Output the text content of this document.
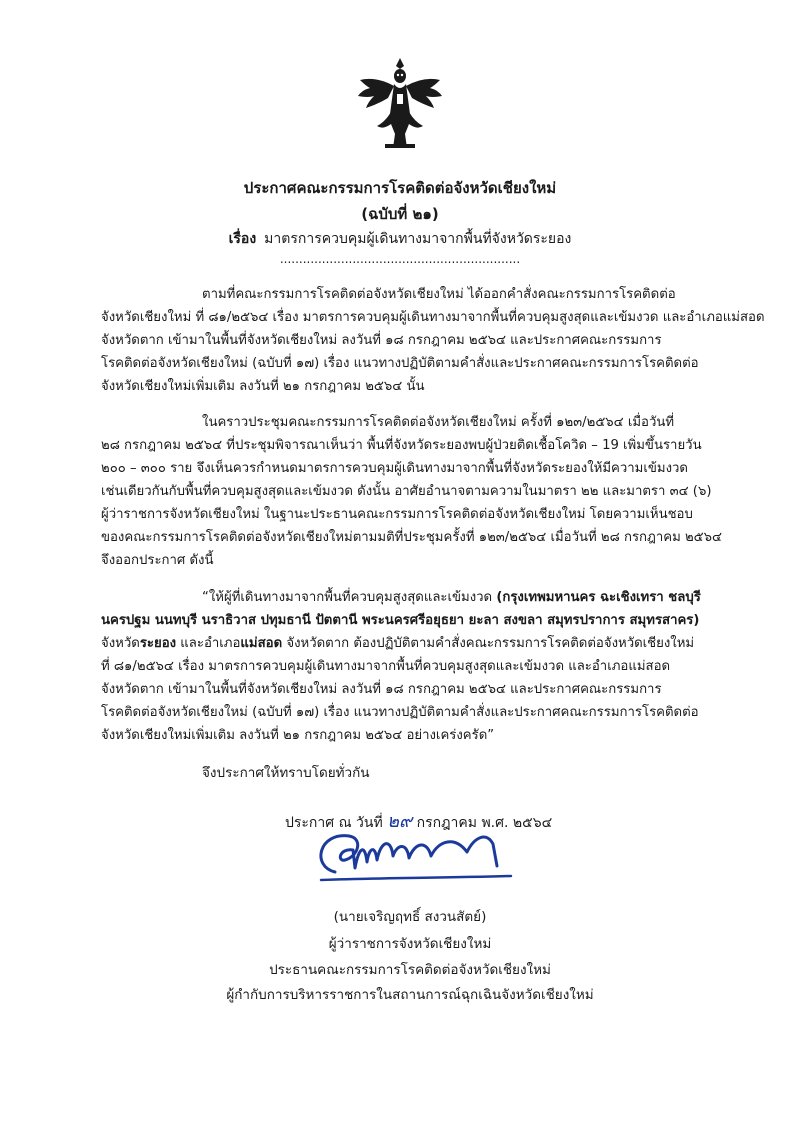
ประกาศคณะกรรมการโรคติดต่อจังหวัดเชียงใหม่
(ฉบับที่ ๒๑)
เรื่อง มาตรการควบคุมผู้เดินทางมาจากพื้นที่จังหวัดระยอง
...............................................................
ตามที่คณะกรรมการโรคติดต่อจังหวัดเชียงใหม่ ได้ออกคำสั่งคณะกรรมการโรคติดต่อ
จังหวัดเชียงใหม่ ที่ ๘๑/๒๕๖๔ เรื่อง มาตรการควบคุมผู้เดินทางมาจากพื้นที่ควบคุมสูงสุดและเข้มงวด และอำเภอแม่สอด
จังหวัดตาก เข้ามาในพื้นที่จังหวัดเชียงใหม่ ลงวันที่ ๑๘ กรกฎาคม ๒๕๖๔ และประกาศคณะกรรมการ
โรคติดต่อจังหวัดเชียงใหม่ (ฉบับที่ ๑๗) เรื่อง แนวทางปฏิบัติตามคำสั่งและประกาศคณะกรรมการโรคติดต่อ
จังหวัดเชียงใหม่เพิ่มเติม ลงวันที่ ๒๑ กรกฎาคม ๒๕๖๔ นั้น
ในคราวประชุมคณะกรรมการโรคติดต่อจังหวัดเชียงใหม่ ครั้งที่ ๑๒๓/๒๕๖๔ เมื่อวันที่
๒๘ กรกฎาคม ๒๕๖๔ ที่ประชุมพิจารณาเห็นว่า พื้นที่จังหวัดระยองพบผู้ป่วยติดเชื้อโควิด – 19 เพิ่มขึ้นรายวัน
๒๐๐ – ๓๐๐ ราย จึงเห็นควรกำหนดมาตรการควบคุมผู้เดินทางมาจากพื้นที่จังหวัดระยองให้มีความเข้มงวด
เช่นเดียวกันกับพื้นที่ควบคุมสูงสุดและเข้มงวด ดังนั้น อาศัยอำนาจตามความในมาตรา ๒๒ และมาตรา ๓๔ (๖)
ผู้ว่าราชการจังหวัดเชียงใหม่ ในฐานะประธานคณะกรรมการโรคติดต่อจังหวัดเชียงใหม่ โดยความเห็นชอบ
ของคณะกรรมการโรคติดต่อจังหวัดเชียงใหม่ตามมติที่ประชุมครั้งที่ ๑๒๓/๒๕๖๔ เมื่อวันที่ ๒๘ กรกฎาคม ๒๕๖๔
จึงออกประกาศ ดังนี้
“ให้ผู้ที่เดินทางมาจากพื้นที่ควบคุมสูงสุดและเข้มงวด (กรุงเทพมหานคร ฉะเชิงเทรา ชลบุรี
นครปฐม นนทบุรี นราธิวาส ปทุมธานี ปัตตานี พระนครศรีอยุธยา ยะลา สงขลา สมุทรปราการ สมุทรสาคร)
จังหวัดระยอง และอำเภอแม่สอด จังหวัดตาก ต้องปฏิบัติตามคำสั่งคณะกรรมการโรคติดต่อจังหวัดเชียงใหม่
ที่ ๘๑/๒๕๖๔ เรื่อง มาตรการควบคุมผู้เดินทางมาจากพื้นที่ควบคุมสูงสุดและเข้มงวด และอำเภอแม่สอด
จังหวัดตาก เข้ามาในพื้นที่จังหวัดเชียงใหม่ ลงวันที่ ๑๘ กรกฎาคม ๒๕๖๔ และประกาศคณะกรรมการ
โรคติดต่อจังหวัดเชียงใหม่ (ฉบับที่ ๑๗) เรื่อง แนวทางปฏิบัติตามคำสั่งและประกาศคณะกรรมการโรคติดต่อ
จังหวัดเชียงใหม่เพิ่มเติม ลงวันที่ ๒๑ กรกฎาคม ๒๕๖๔ อย่างเคร่งครัด”
จึงประกาศให้ทราบโดยทั่วกัน
ประกาศ ณ วันที่ ๒๙ กรกฎาคม พ.ศ. ๒๕๖๔
(นายเจริญฤทธิ์ สงวนสัตย์)
ผู้ว่าราชการจังหวัดเชียงใหม่
ประธานคณะกรรมการโรคติดต่อจังหวัดเชียงใหม่
ผู้กำกับการบริหารราชการในสถานการณ์ฉุกเฉินจังหวัดเชียงใหม่
